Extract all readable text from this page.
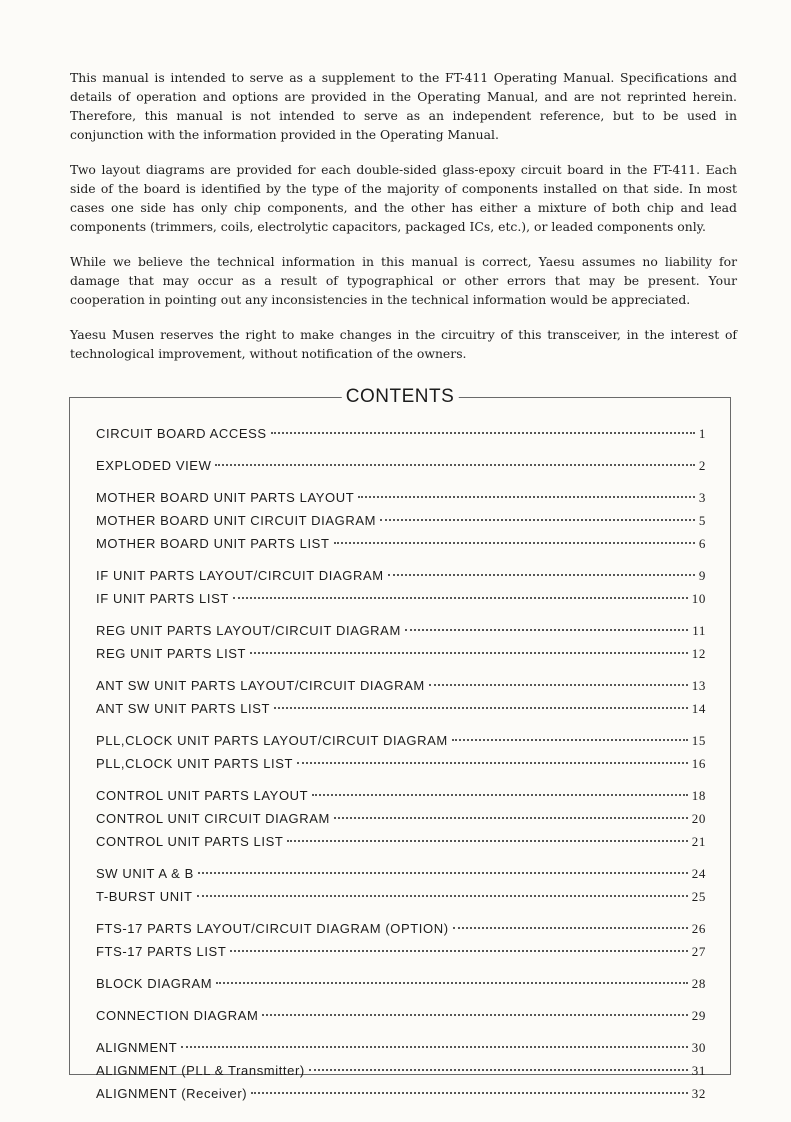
This manual is intended to serve as a supplement to the FT-411 Operating Manual. Specifications and details of operation and options are provided in the Operating Manual, and are not reprinted herein. Therefore, this manual is not intended to serve as an independent reference, but to be used in conjunction with the information provided in the Operating Manual.

Two layout diagrams are provided for each double-sided glass-epoxy circuit board in the FT-411. Each side of the board is identified by the type of the majority of components installed on that side. In most cases one side has only chip components, and the other has either a mixture of both chip and lead components (trimmers, coils, electrolytic capacitors, packaged ICs, etc.), or leaded components only.

While we believe the technical information in this manual is correct, Yaesu assumes no liability for damage that may occur as a result of typographical or other errors that may be present. Your cooperation in pointing out any inconsistencies in the technical information would be appreciated.

Yaesu Musen reserves the right to make changes in the circuitry of this transceiver, in the interest of technological improvement, without notification of the owners.

CONTENTS
CIRCUIT BOARD ACCESS	1
EXPLODED VIEW	2
MOTHER BOARD UNIT PARTS LAYOUT	3
MOTHER BOARD UNIT CIRCUIT DIAGRAM	5
MOTHER BOARD UNIT PARTS LIST	6
IF UNIT PARTS LAYOUT/CIRCUIT DIAGRAM	9
IF UNIT PARTS LIST	10
REG UNIT PARTS LAYOUT/CIRCUIT DIAGRAM	11
REG UNIT PARTS LIST	12
ANT SW UNIT PARTS LAYOUT/CIRCUIT DIAGRAM	13
ANT SW UNIT PARTS LIST	14
PLL,CLOCK UNIT PARTS LAYOUT/CIRCUIT DIAGRAM	15
PLL,CLOCK UNIT PARTS LIST	16
CONTROL UNIT PARTS LAYOUT	18
CONTROL UNIT CIRCUIT DIAGRAM	20
CONTROL UNIT PARTS LIST	21
SW UNIT A & B	24
T-BURST UNIT	25
FTS-17 PARTS LAYOUT/CIRCUIT DIAGRAM (OPTION)	26
FTS-17 PARTS LIST	27
BLOCK DIAGRAM	28
CONNECTION DIAGRAM	29
ALIGNMENT	30
ALIGNMENT (PLL & Transmitter)	31
ALIGNMENT (Receiver)	32
